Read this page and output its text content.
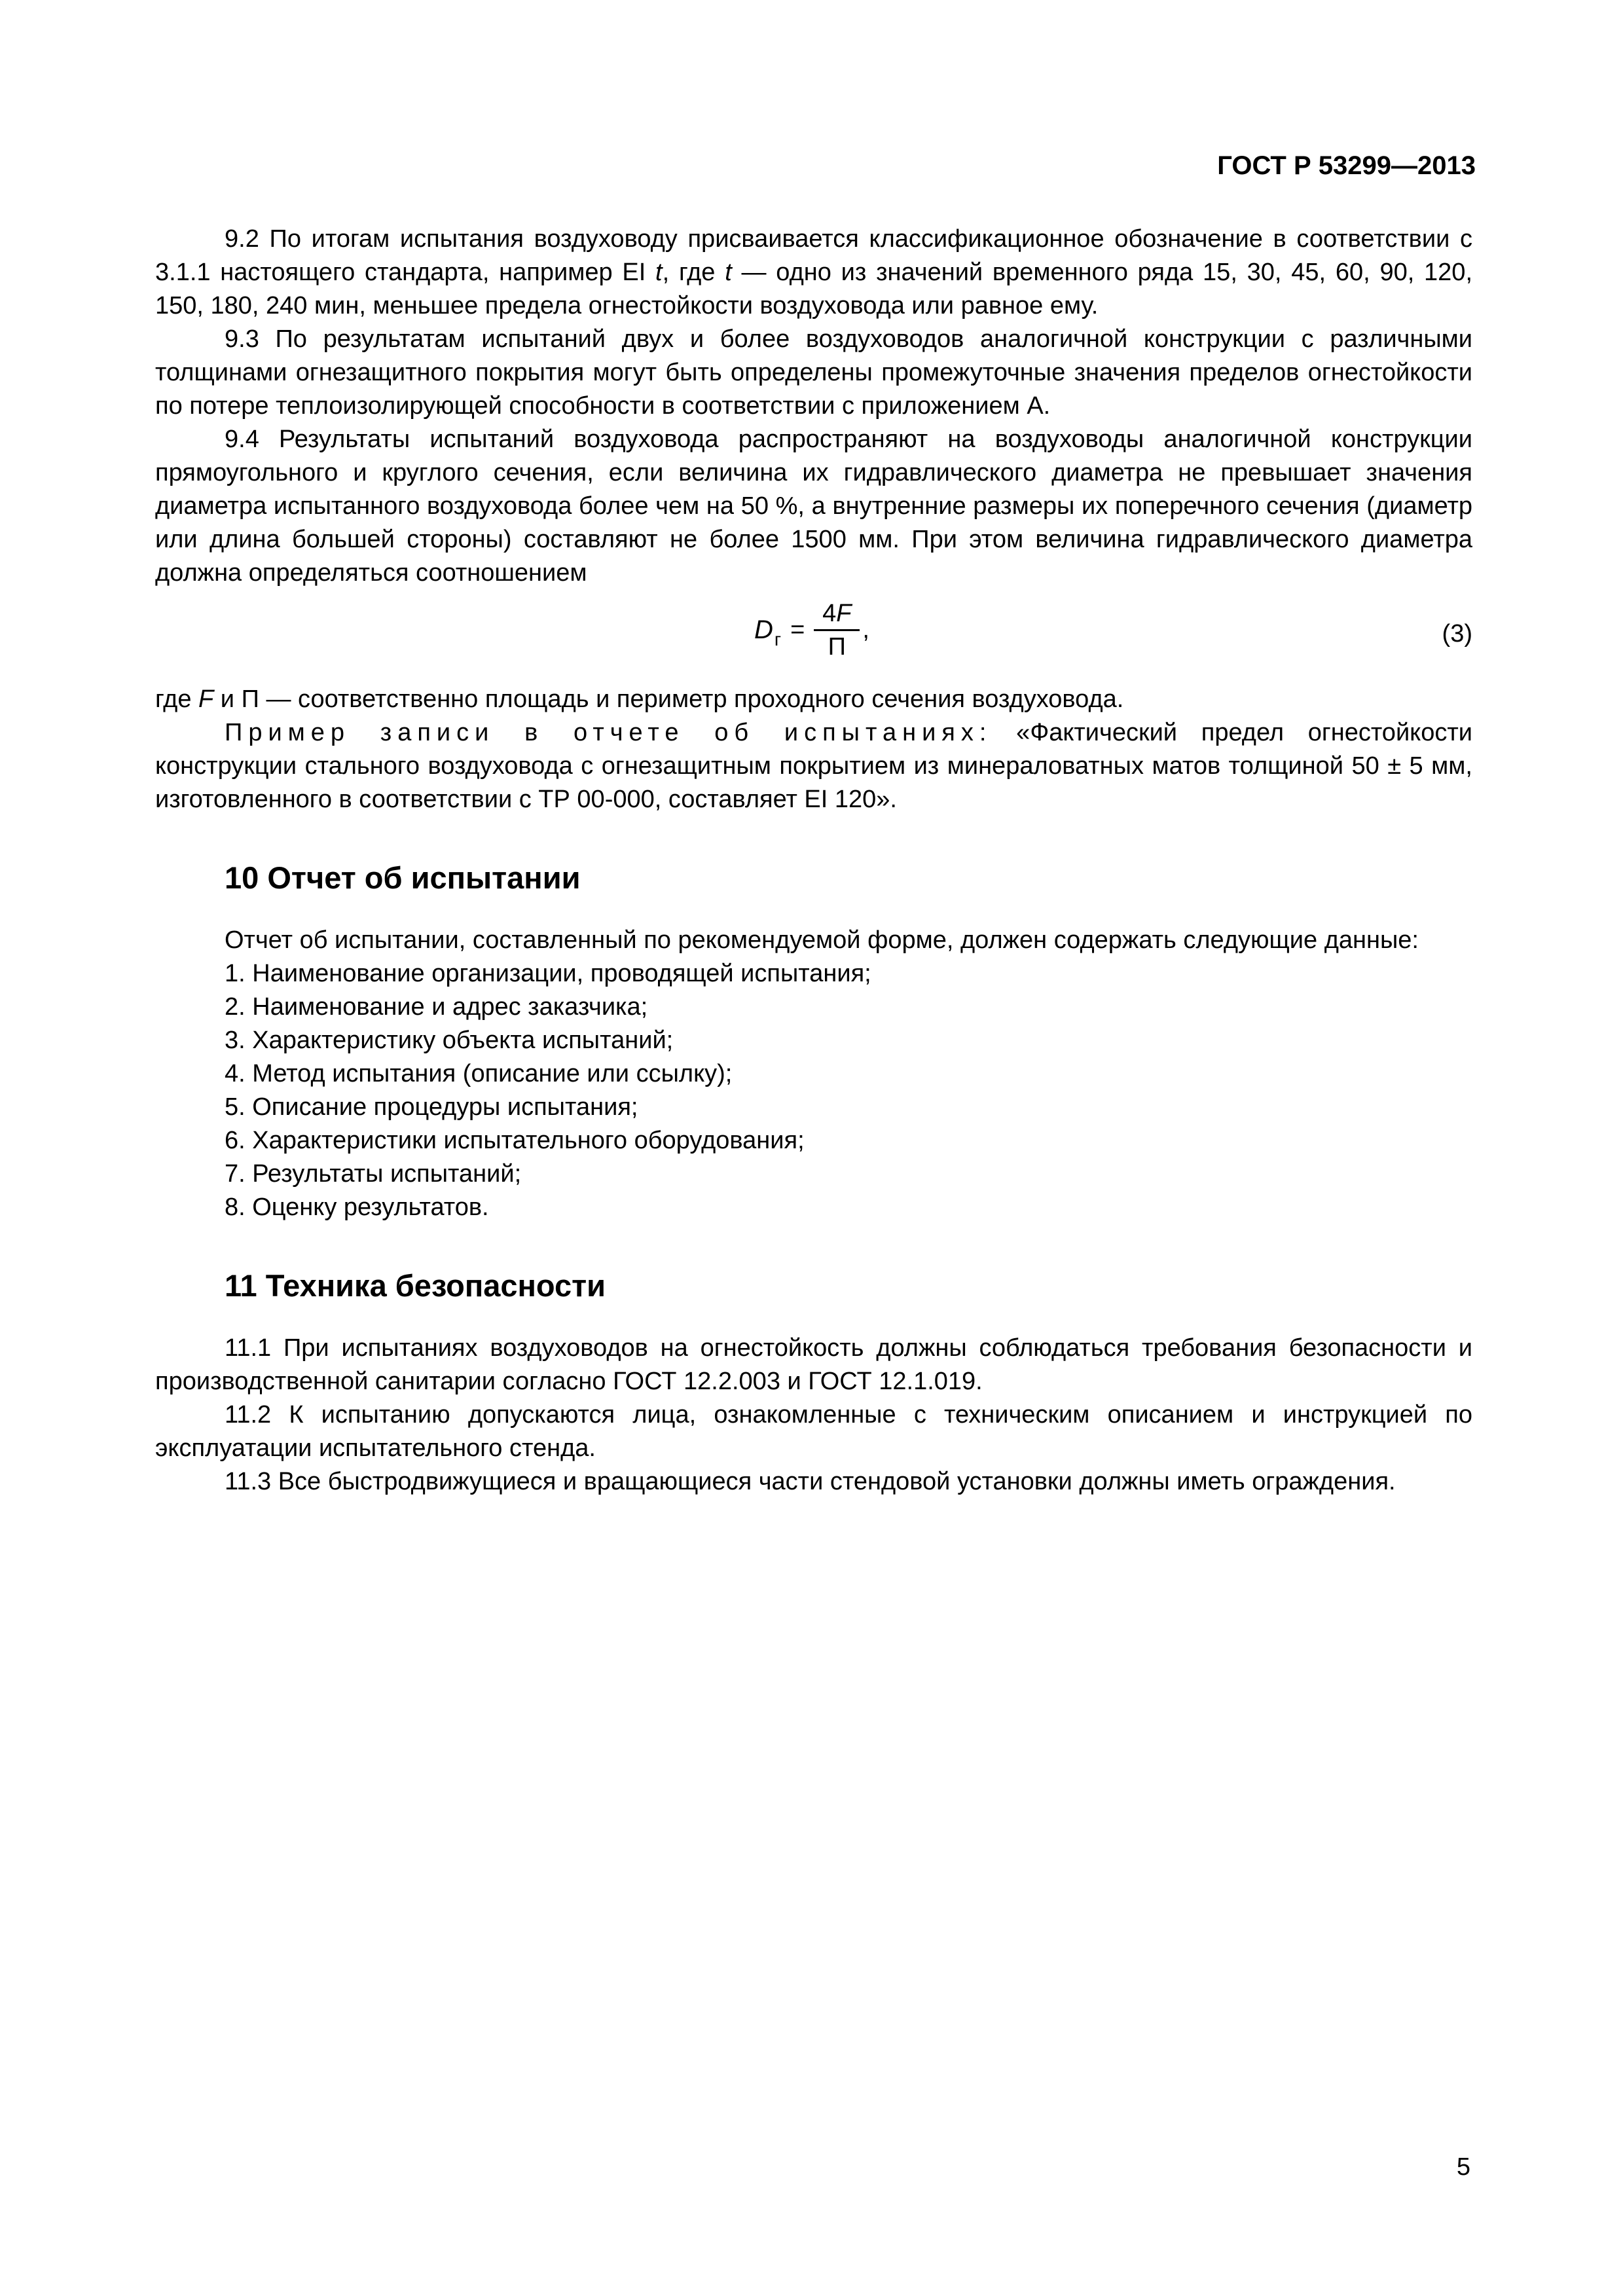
ГОСТ Р 53299—2013

9.2 По итогам испытания воздуховоду присваивается классификационное обозначение в соответствии с 3.1.1 настоящего стандарта, например EI t, где t — одно из значений временного ряда 15, 30, 45, 60, 90, 120, 150, 180, 240 мин, меньшее предела огнестойкости воздуховода или равное ему.

9.3 По результатам испытаний двух и более воздуховодов аналогичной конструкции с различными толщинами огнезащитного покрытия могут быть определены промежуточные значения пределов огнестойкости по потере теплоизолирующей способности в соответствии с приложением А.

9.4 Результаты испытаний воздуховода распространяют на воздуховоды аналогичной конструкции прямоугольного и круглого сечения, если величина их гидравлического диаметра не превышает значения диаметра испытанного воздуховода более чем на 50 %, а внутренние размеры их поперечного сечения (диаметр или длина большей стороны) составляют не более 1500 мм. При этом величина гидравлического диаметра должна определяться соотношением

D $г = \frac{4F}{П}$ ,	(3)

где F и П — соответственно площадь и периметр проходного сечения воздуховода.

Пример записи в отчете об испытаниях: «Фактический предел огнестойкости конструкции стального воздуховода с огнезащитным покрытием из минераловатных матов толщиной 50 ± 5 мм, изготовленного в соответствии с ТР 00-000, составляет EI 120».

10 Отчет об испытании

Отчет об испытании, составленный по рекомендуемой форме, должен содержать следующие данные:

1. Наименование организации, проводящей испытания;

2. Наименование и адрес заказчика;

3. Характеристику объекта испытаний;

4. Метод испытания (описание или ссылку);

5. Описание процедуры испытания;

6. Характеристики испытательного оборудования;

7. Результаты испытаний;

8. Оценку результатов.

11 Техника безопасности

11.1 При испытаниях воздуховодов на огнестойкость должны соблюдаться требования безопасности и производственной санитарии согласно ГОСТ 12.2.003 и ГОСТ 12.1.019.

11.2 К испытанию допускаются лица, ознакомленные с техническим описанием и инструкцией по эксплуатации испытательного стенда.

11.3 Все быстродвижущиеся и вращающиеся части стендовой установки должны иметь ограждения.

5
